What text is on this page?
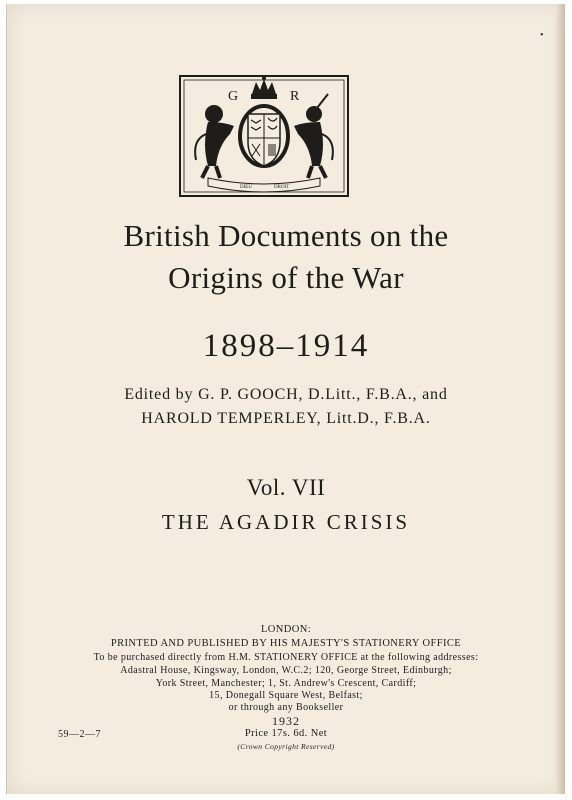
•
G	R
DIEU	DROIT
British Documents on the
Origins of the War
1898–1914
Edited by G. P. GOOCH, D.Litt., F.B.A., and
HAROLD TEMPERLEY, Litt.D., F.B.A.
Vol. VII
THE AGADIR CRISIS
LONDON:
PRINTED AND PUBLISHED BY HIS MAJESTY'S STATIONERY OFFICE
To be purchased directly from H.M. STATIONERY OFFICE at the following addresses:
Adastral House, Kingsway, London, W.C.2; 120, George Street, Edinburgh;
York Street, Manchester; 1, St. Andrew's Crescent, Cardiff;
15, Donegall Square West, Belfast;
or through any Bookseller
1932
Price 17s. 6d. Net
(Crown Copyright Reserved)
59—2—7
